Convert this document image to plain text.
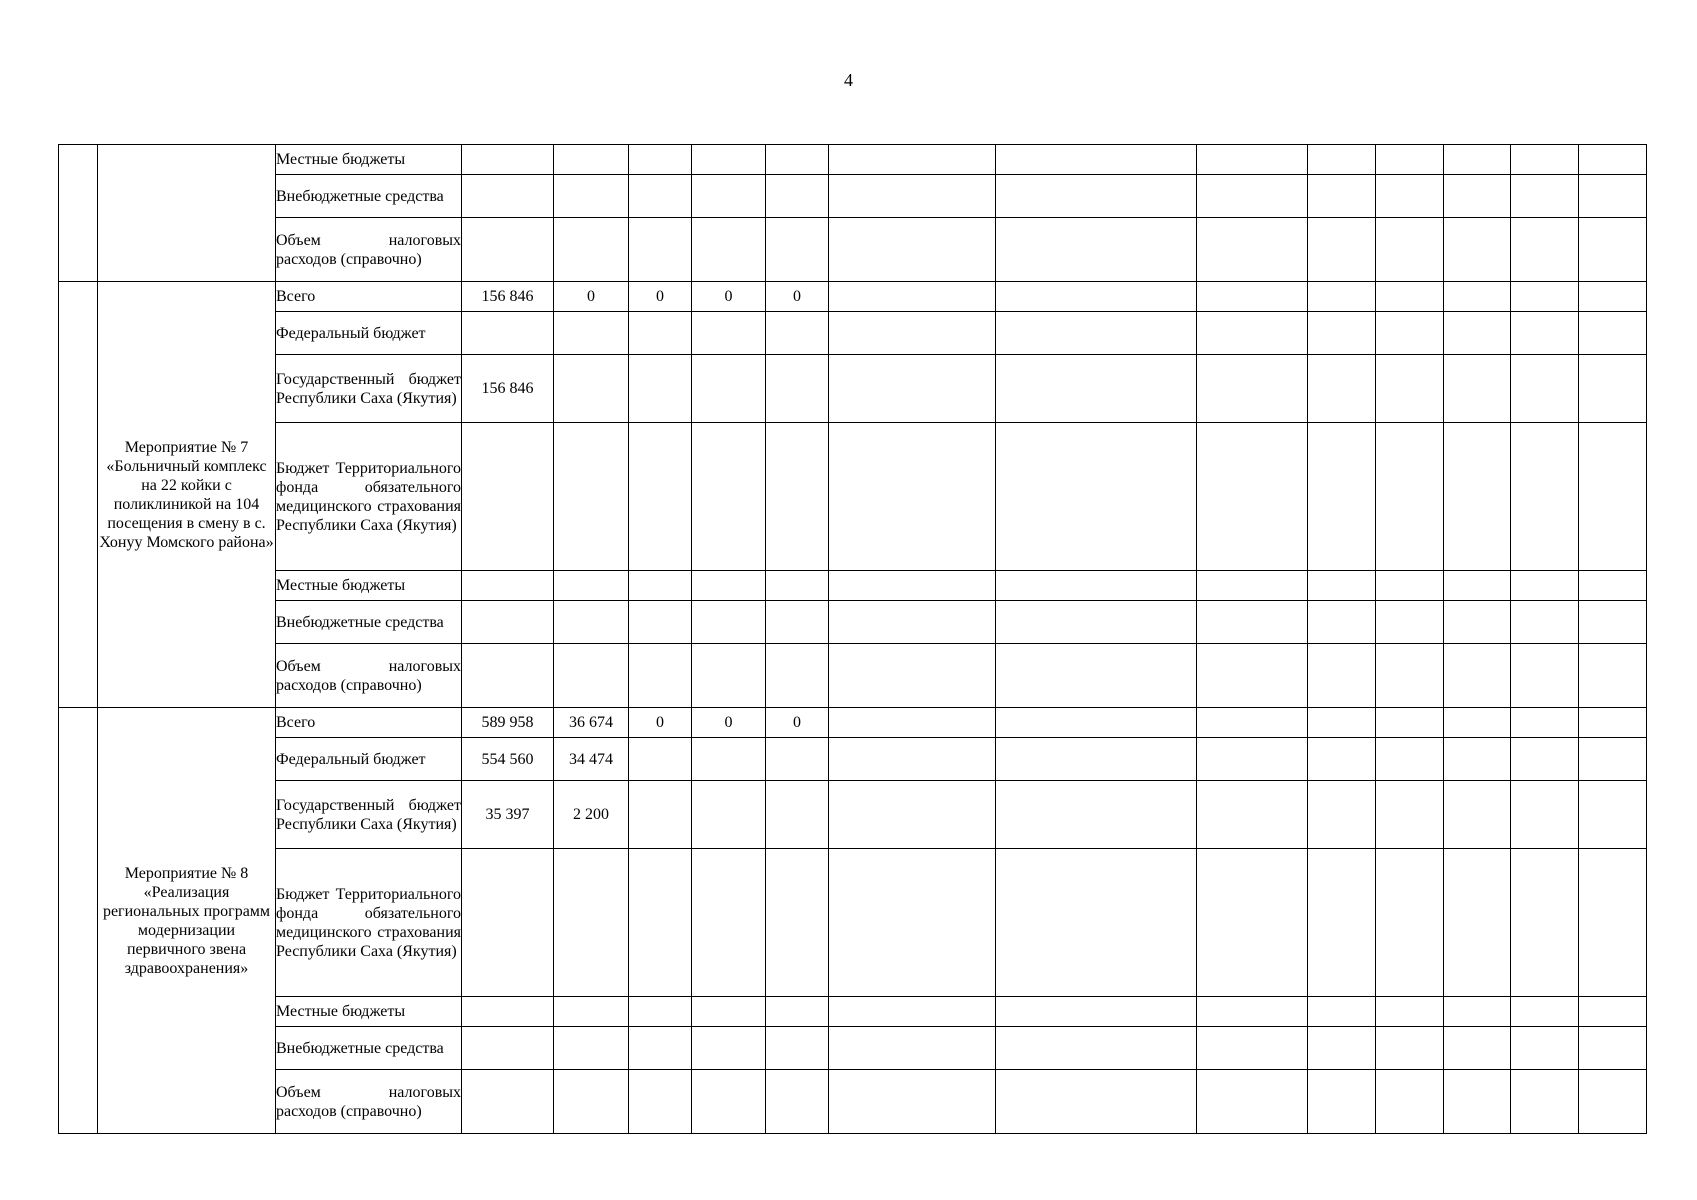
4
		Местные бюджеты													
		Внебюджетные средства													
		Объем налоговых расходов (справочно)													

	Мероприятие № 7 «Больничный комплекс на 22 койки с поликлиникой на 104 посещения в смену в с. Хонуу Момского района»	Всего	156 846	0	0	0	0								
		Федеральный бюджет													
		Государственный бюджет Республики Саха (Якутия)	156 846												
		Бюджет Территориального фонда обязательного медицинского страхования Республики Саха (Якутия)													
		Местные бюджеты													
		Внебюджетные средства													
		Объем налоговых расходов (справочно)													

	Мероприятие № 8 «Реализация региональных программ модернизации первичного звена здравоохранения»	Всего	589 958	36 674	0	0	0								
		Федеральный бюджет	554 560	34 474											
		Государственный бюджет Республики Саха (Якутия)	35 397	2 200											
		Бюджет Территориального фонда обязательного медицинского страхования Республики Саха (Якутия)													
		Местные бюджеты													
		Внебюджетные средства													
		Объем налоговых расходов (справочно)													
